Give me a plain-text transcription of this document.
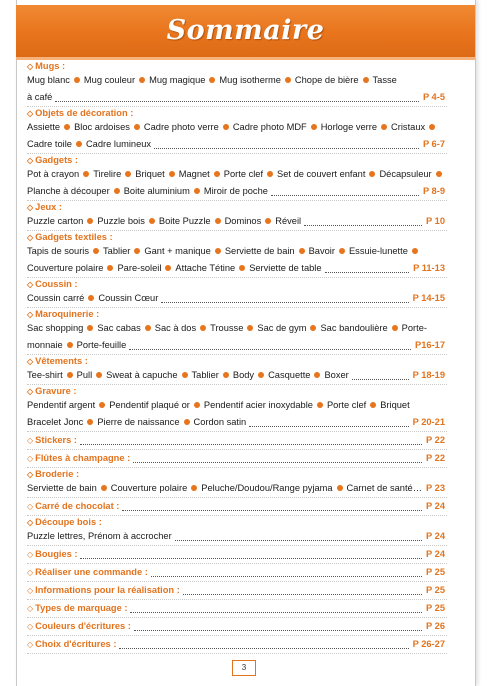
Sommaire
◇ Mugs :
Mug blanc Mug couleur Mug magique Mug isotherme Chope de bière Tasse
à café	P 4-5
◇ Objets de décoration :
Assiette Bloc ardoises Cadre photo verre Cadre photo MDF Horloge verre Cristaux
Cadre toile Cadre lumineux	P 6-7
◇ Gadgets :
Pot à crayon Tirelire Briquet Magnet Porte clef Set de couvert enfant Décapsuleur
Planche à découper Boite aluminium Miroir de poche	P 8-9
◇ Jeux :
Puzzle carton Puzzle bois Boite Puzzle Dominos Réveil	P 10
◇ Gadgets textiles :
Tapis de souris Tablier Gant + manique Serviette de bain Bavoir Essuie-lunette
Couverture polaire Pare-soleil Attache Tétine Serviette de table	P 11-13
◇ Coussin :
Coussin carré Coussin Cœur	P 14-15
◇ Maroquinerie :
Sac shopping Sac cabas Sac à dos Trousse Sac de gym Sac bandoulière Porte-
monnaie Porte-feuille	P16-17
◇ Vêtements :
Tee-shirt Pull Sweat à capuche Tablier Body Casquette Boxer	P 18-19
◇ Gravure :
Pendentif argent Pendentif plaqué or Pendentif acier inoxydable Porte clef Briquet
Bracelet Jonc Pierre de naissance Cordon satin	P 20-21
◇ Stickers :	P 22
◇ Flûtes à champagne :	P 22
◇ Broderie :
Serviette de bain Couverture polaire Peluche/Doudou/Range pyjama Carnet de santé… P 23
◇ Carré de chocolat :	P 24
◇ Découpe bois :
Puzzle lettres, Prénom à accrocher	P 24
◇ Bougies :	P 24
◇ Réaliser une commande :	P 25
◇ Informations pour la réalisation :	P 25
◇ Types de marquage :	P 25
◇ Couleurs d'écritures :	P 26
◇ Choix d'écritures :	P 26-27
3
